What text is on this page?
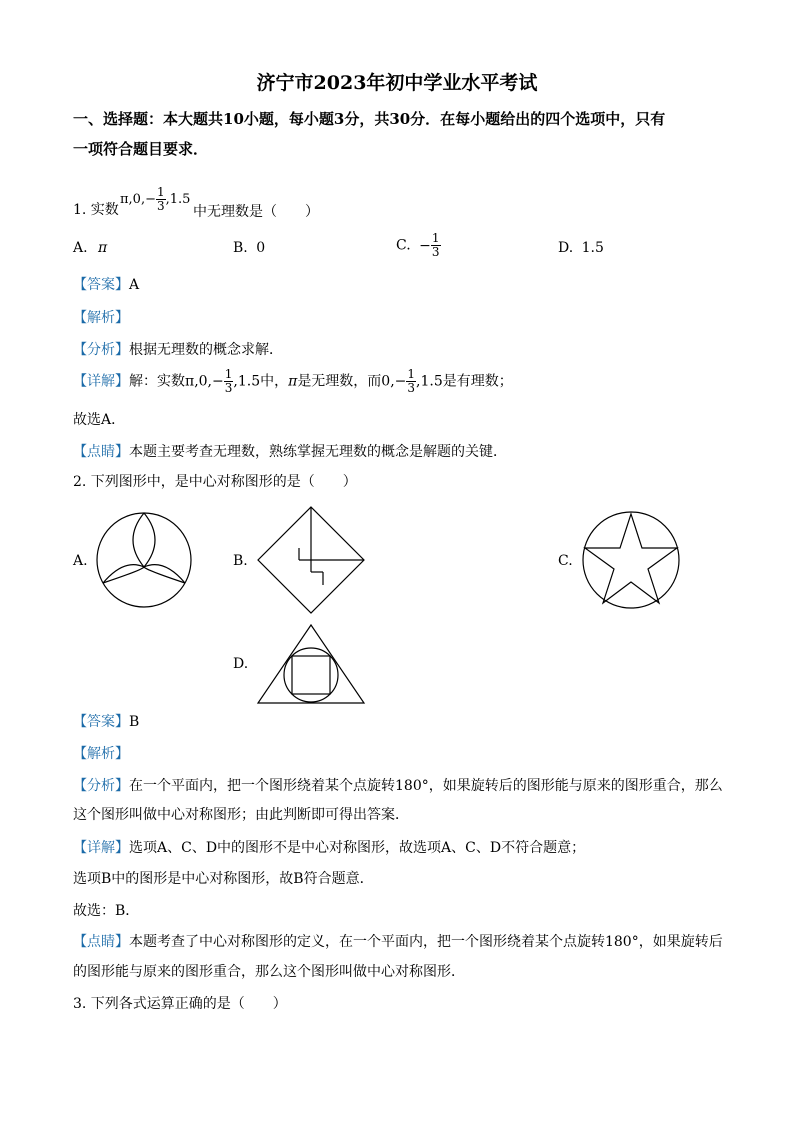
济宁市2023年初中学业水平考试
一、选择题：本大题共10小题，每小题3分，共30分．在每小题给出的四个选项中，只有
一项符合题目要求．
$\pi,0,- \frac{1}{3} ,1.5$
1. 实数	中无理数是（　　）
A. π	B. 0	C. − $\frac{1}{3}$	D. 1.5
【答案】A
【解析】
【分析】根据无理数的概念求解．
【详解】解：实数$\pi,0,- \frac{1}{3} ,1.5$中，π是无理数，而$0,- \frac{1}{3} ,1.5$是有理数；
故选A．
【点睛】本题主要考查无理数，熟练掌握无理数的概念是解题的关键．
2. 下列图形中，是中心对称图形的是（　　）
A.	B.	C.
D.
【答案】B
【解析】
【分析】在一个平面内，把一个图形绕着某个点旋转180°，如果旋转后的图形能与原来的图形重合，那么
这个图形叫做中心对称图形；由此判断即可得出答案．
【详解】选项A、C、D中的图形不是中心对称图形，故选项A、C、D不符合题意；
选项B中的图形是中心对称图形，故B符合题意．
故选：B．
【点睛】本题考查了中心对称图形的定义，在一个平面内，把一个图形绕着某个点旋转180°，如果旋转后
的图形能与原来的图形重合，那么这个图形叫做中心对称图形．
3. 下列各式运算正确的是（　　）
